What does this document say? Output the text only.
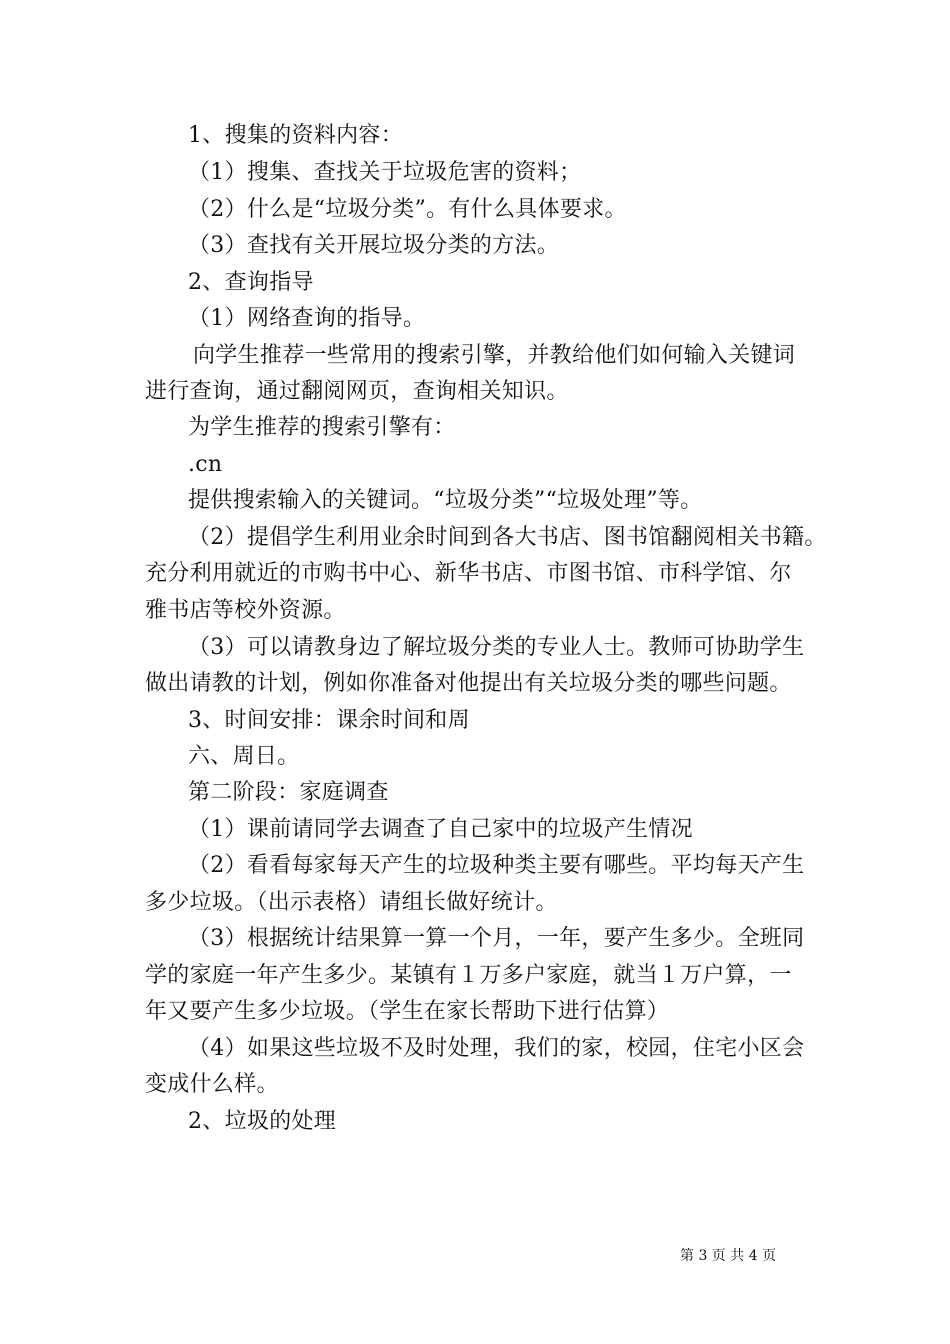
1、搜集的资料内容：
（1）搜集、查找关于垃圾危害的资料；
（2）什么是“垃圾分类”。有什么具体要求。
（3）查找有关开展垃圾分类的方法。
2、查询指导
（1）网络查询的指导。
向学生推荐一些常用的搜索引擎，并教给他们如何输入关键词
进行查询，通过翻阅网页，查询相关知识。
为学生推荐的搜索引擎有：
.cn
提供搜索输入的关键词。“垃圾分类”“垃圾处理”等。
（2）提倡学生利用业余时间到各大书店、图书馆翻阅相关书籍。
充分利用就近的市购书中心、新华书店、市图书馆、市科学馆、尔
雅书店等校外资源。
（3）可以请教身边了解垃圾分类的专业人士。教师可协助学生
做出请教的计划，例如你准备对他提出有关垃圾分类的哪些问题。
3、时间安排：课余时间和周
六、周日。
第二阶段：家庭调查
（1）课前请同学去调查了自己家中的垃圾产生情况
（2）看看每家每天产生的垃圾种类主要有哪些。平均每天产生
多少垃圾。（出示表格）请组长做好统计。
（3）根据统计结果算一算一个月，一年，要产生多少。全班同
学的家庭一年产生多少。某镇有１万多户家庭，就当１万户算，一
年又要产生多少垃圾。（学生在家长帮助下进行估算）
（4）如果这些垃圾不及时处理，我们的家，校园，住宅小区会
变成什么样。
2、垃圾的处理
第 3 页 共 4 页
